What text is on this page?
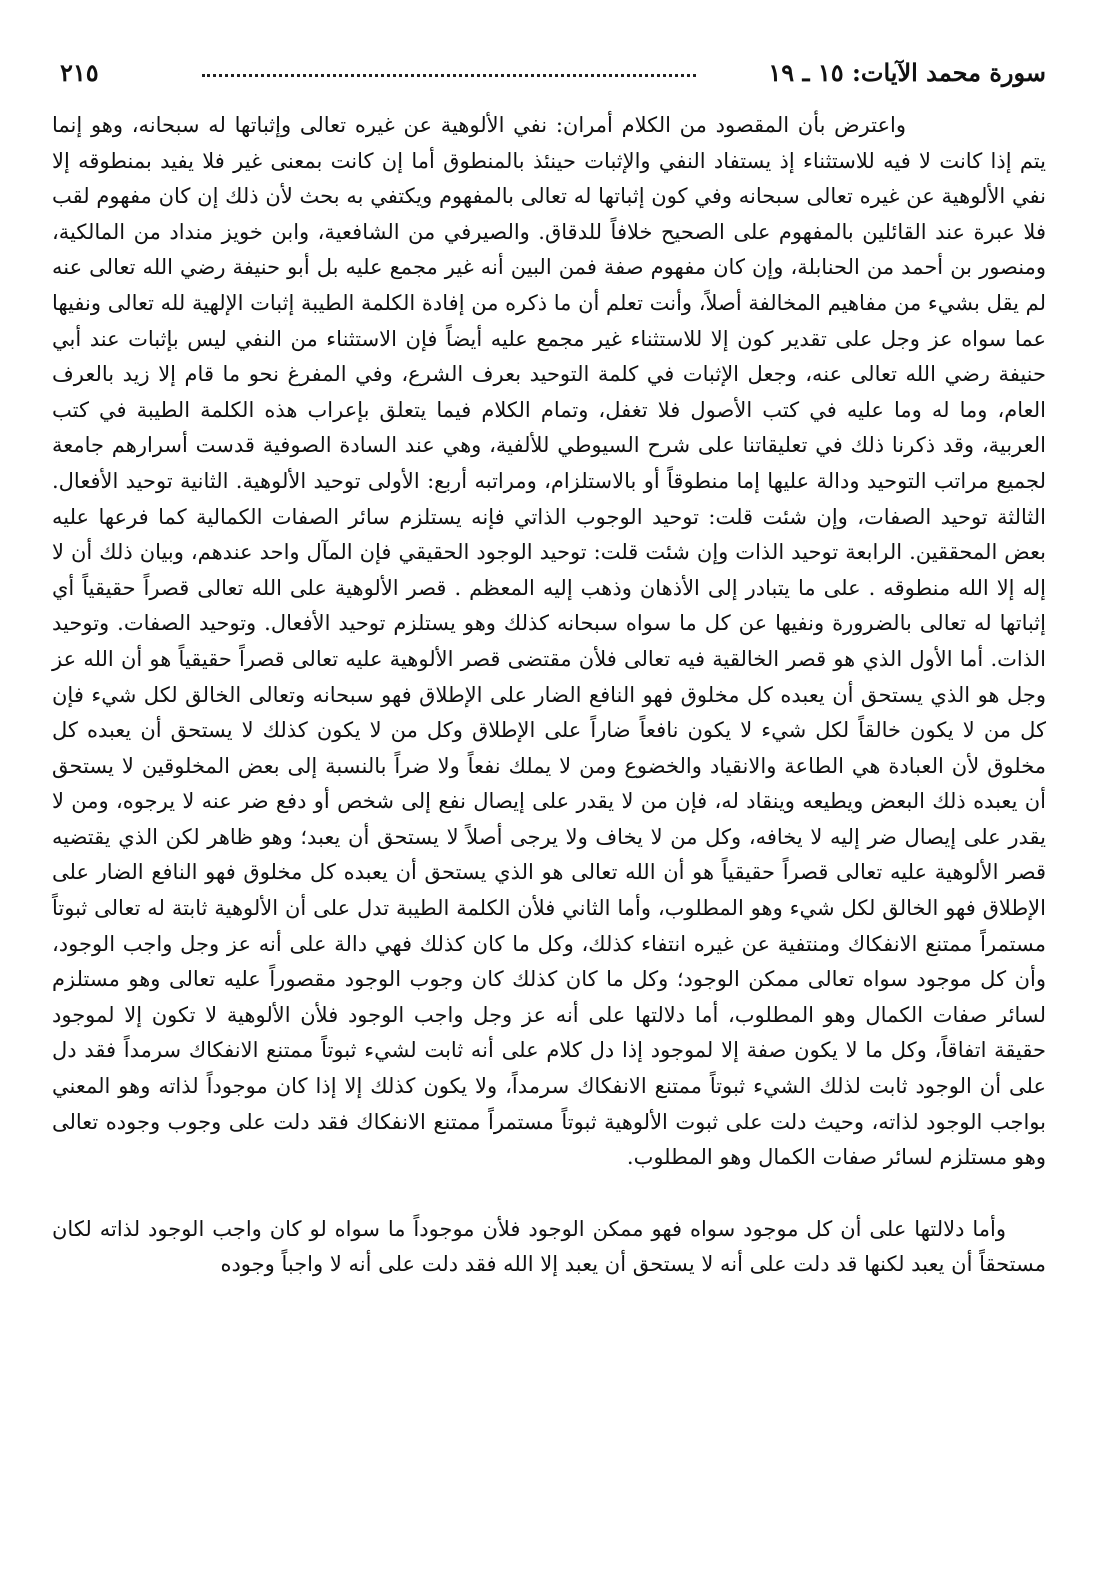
سورة محمد الآيات: ١٥ ـ ١٩
٢١٥

واعترض بأن المقصود من الكلام أمران: نفي الألوهية عن غيره تعالى وإثباتها له سبحانه، وهو إنما يتم إذا كانت لا فيه للاستثناء إذ يستفاد النفي والإثبات حينئذ بالمنطوق أما إن كانت بمعنى غير فلا يفيد بمنطوقه إلا نفي الألوهية عن غيره تعالى سبحانه وفي كون إثباتها له تعالى بالمفهوم ويكتفي به بحث لأن ذلك إن كان مفهوم لقب فلا عبرة عند القائلين بالمفهوم على الصحيح خلافاً للدقاق. والصيرفي من الشافعية، وابن خويز منداد من المالكية، ومنصور بن أحمد من الحنابلة، وإن كان مفهوم صفة فمن البين أنه غير مجمع عليه بل أبو حنيفة رضي الله تعالى عنه لم يقل بشيء من مفاهيم المخالفة أصلاً، وأنت تعلم أن ما ذكره من إفادة الكلمة الطيبة إثبات الإلهية لله تعالى ونفيها عما سواه عز وجل على تقدير كون إلا للاستثناء غير مجمع عليه أيضاً فإن الاستثناء من النفي ليس بإثبات عند أبي حنيفة رضي الله تعالى عنه، وجعل الإثبات في كلمة التوحيد بعرف الشرع، وفي المفرغ نحو ما قام إلا زيد بالعرف العام، وما له وما عليه في كتب الأصول فلا تغفل، وتمام الكلام فيما يتعلق بإعراب هذه الكلمة الطيبة في كتب العربية، وقد ذكرنا ذلك في تعليقاتنا على شرح السيوطي للألفية، وهي عند السادة الصوفية قدست أسرارهم جامعة لجميع مراتب التوحيد ودالة عليها إما منطوقاً أو بالاستلزام، ومراتبه أربع: الأولى توحيد الألوهية. الثانية توحيد الأفعال. الثالثة توحيد الصفات، وإن شئت قلت: توحيد الوجوب الذاتي فإنه يستلزم سائر الصفات الكمالية كما فرعها عليه بعض المحققين. الرابعة توحيد الذات وإن شئت قلت: توحيد الوجود الحقيقي فإن المآل واحد عندهم، وبيان ذلك أن لا إله إلا الله منطوقه . على ما يتبادر إلى الأذهان وذهب إليه المعظم . قصر الألوهية على الله تعالى قصراً حقيقياً أي إثباتها له تعالى بالضرورة ونفيها عن كل ما سواه سبحانه كذلك وهو يستلزم توحيد الأفعال. وتوحيد الصفات. وتوحيد الذات. أما الأول الذي هو قصر الخالقية فيه تعالى فلأن مقتضى قصر الألوهية عليه تعالى قصراً حقيقياً هو أن الله عز وجل هو الذي يستحق أن يعبده كل مخلوق فهو النافع الضار على الإطلاق فهو سبحانه وتعالى الخالق لكل شيء فإن كل من لا يكون خالقاً لكل شيء لا يكون نافعاً ضاراً على الإطلاق وكل من لا يكون كذلك لا يستحق أن يعبده كل مخلوق لأن العبادة هي الطاعة والانقياد والخضوع ومن لا يملك نفعاً ولا ضراً بالنسبة إلى بعض المخلوقين لا يستحق أن يعبده ذلك البعض ويطيعه وينقاد له، فإن من لا يقدر على إيصال نفع إلى شخص أو دفع ضر عنه لا يرجوه، ومن لا يقدر على إيصال ضر إليه لا يخافه، وكل من لا يخاف ولا يرجى أصلاً لا يستحق أن يعبد؛ وهو ظاهر لكن الذي يقتضيه قصر الألوهية عليه تعالى قصراً حقيقياً هو أن الله تعالى هو الذي يستحق أن يعبده كل مخلوق فهو النافع الضار على الإطلاق فهو الخالق لكل شيء وهو المطلوب، وأما الثاني فلأن الكلمة الطيبة تدل على أن الألوهية ثابتة له تعالى ثبوتاً مستمراً ممتنع الانفكاك ومنتفية عن غيره انتفاء كذلك، وكل ما كان كذلك فهي دالة على أنه عز وجل واجب الوجود، وأن كل موجود سواه تعالى ممكن الوجود؛ وكل ما كان كذلك كان وجوب الوجود مقصوراً عليه تعالى وهو مستلزم لسائر صفات الكمال وهو المطلوب، أما دلالتها على أنه عز وجل واجب الوجود فلأن الألوهية لا تكون إلا لموجود حقيقة اتفاقاً، وكل ما لا يكون صفة إلا لموجود إذا دل كلام على أنه ثابت لشيء ثبوتاً ممتنع الانفكاك سرمداً فقد دل على أن الوجود ثابت لذلك الشيء ثبوتاً ممتنع الانفكاك سرمداً، ولا يكون كذلك إلا إذا كان موجوداً لذاته وهو المعني بواجب الوجود لذاته، وحيث دلت على ثبوت الألوهية ثبوتاً مستمراً ممتنع الانفكاك فقد دلت على وجوب وجوده تعالى وهو مستلزم لسائر صفات الكمال وهو المطلوب.

وأما دلالتها على أن كل موجود سواه فهو ممكن الوجود فلأن موجوداً ما سواه لو كان واجب الوجود لذاته لكان مستحقاً أن يعبد لكنها قد دلت على أنه لا يستحق أن يعبد إلا الله فقد دلت على أنه لا واجباً وجوده
